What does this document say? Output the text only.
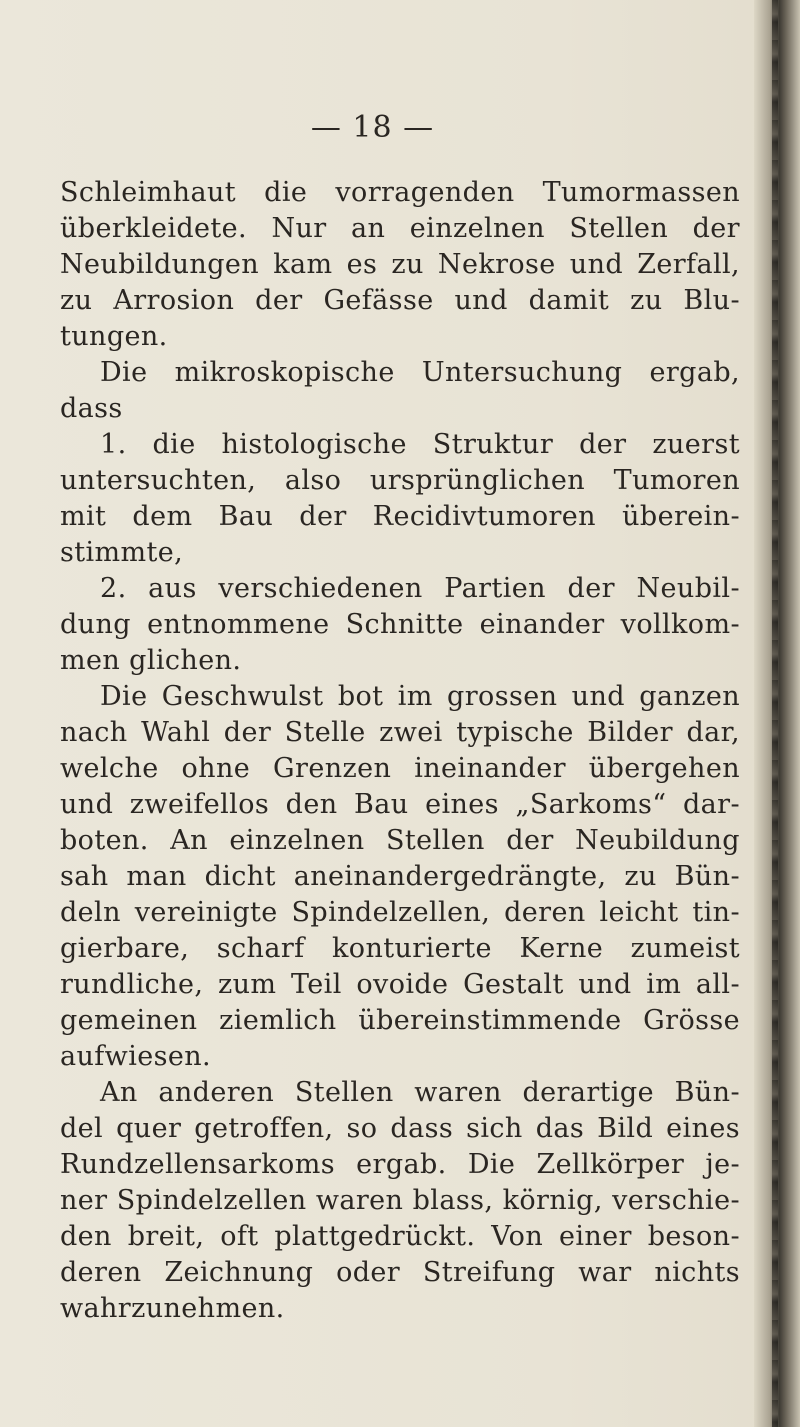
— 18 —
Schleimhaut die vorragenden Tumormassen
überkleidete. Nur an einzelnen Stellen der
Neubildungen kam es zu Nekrose und Zerfall,
zu Arrosion der Gefässe und damit zu Blu-
tungen.
Die mikroskopische Untersuchung ergab,
dass
1. die histologische Struktur der zuerst
untersuchten, also ursprünglichen Tumoren
mit dem Bau der Recidivtumoren überein-
stimmte,
2. aus verschiedenen Partien der Neubil-
dung entnommene Schnitte einander vollkom-
men glichen.
Die Geschwulst bot im grossen und ganzen
nach Wahl der Stelle zwei typische Bilder dar,
welche ohne Grenzen ineinander übergehen
und zweifellos den Bau eines „Sarkoms“ dar-
boten. An einzelnen Stellen der Neubildung
sah man dicht aneinandergedrängte, zu Bün-
deln vereinigte Spindelzellen, deren leicht tin-
gierbare, scharf konturierte Kerne zumeist
rundliche, zum Teil ovoide Gestalt und im all-
gemeinen ziemlich übereinstimmende Grösse
aufwiesen.
An anderen Stellen waren derartige Bün-
del quer getroffen, so dass sich das Bild eines
Rundzellensarkoms ergab. Die Zellkörper je-
ner Spindelzellen waren blass, körnig, verschie-
den breit, oft plattgedrückt. Von einer beson-
deren Zeichnung oder Streifung war nichts
wahrzunehmen.
